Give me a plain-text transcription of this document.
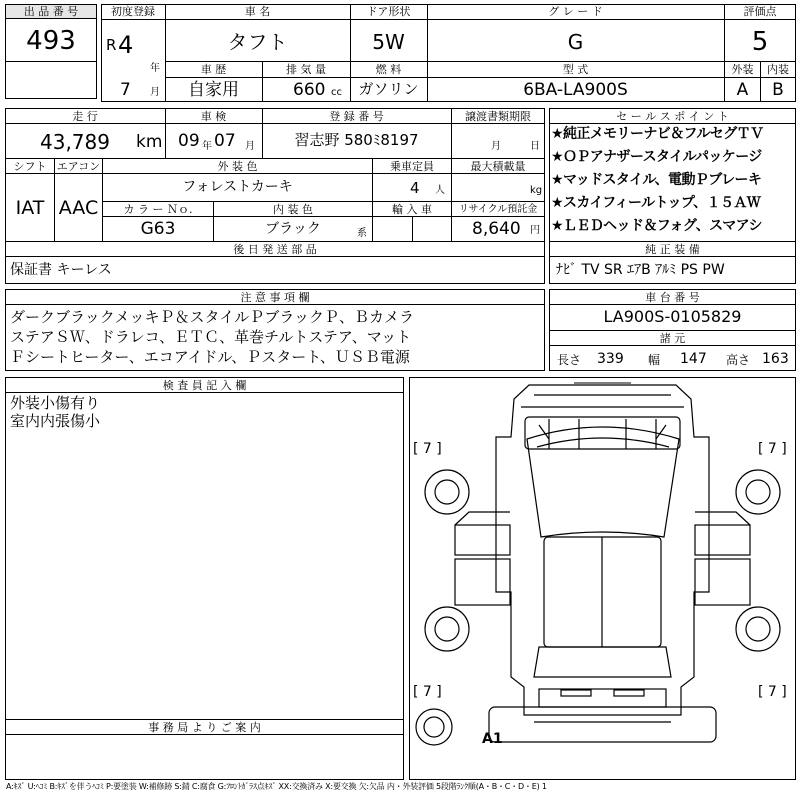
出 品 番 号
493
初度登録	車 名	ドア形状	グ レ ー ド	評価点
R 4
年
7 月
タフト	5W	G	5
車 歴	排 気 量	燃 料	型 式	外装	内装
自家用	660 cc	ガソリン	6BA-LA900S	A	B
走 行	車 検	登 録 番 号	譲渡書類期限
43,789 km 09 年 07 月	習志野 580ﾐ8197	月	日
シフト エアコン	外 装 色	乗車定員	最大積載量
IAT AAC
フォレストカーキ	4 人	kg
カ ラ ー Ｎｏ.	内 装 色	輸 入 車	リサイクル預託金
G63	ブラック	系	8,640 円
後 日 発 送 部 品
保証書 キーレス
セ ー ル ス ポ イ ン ト
★純正メモリーナビ＆フルセグＴＶ
★ＯＰアナザースタイルパッケージ
★マッドスタイル、電動Ｐブレーキ
★スカイフィールトップ、１５ＡＷ
★ＬＥＤヘッド＆フォグ、スマアシ
純 正 装 備
ﾅﾋﾞ TV SR ｴｱB ｱﾙﾐ PS PW
注 意 事 項 欄
ダークブラックメッキＰ＆スタイルＰブラックＰ、Ｂカメラ
ステアＳＷ、ドラレコ、ＥＴＣ、革巻チルトステア、マット
Ｆシートヒーター、エコアイドル、Ｐスタート、ＵＳＢ電源
車 台 番 号
LA900S-0105829
諸 元
長さ 339 幅 147 高さ 163
検 査 員 記 入 欄
外装小傷有り
室内内張傷小
事 務 局 よ り ご 案 内
[ 7 ]	[ 7 ]
[ 7 ]	[ 7 ]
A1
A:ｷｽﾞ U:ﾍｺﾐ B:ｷｽﾞを伴うﾍｺﾐ P:要塗装 W:補修跡 S:錆 C:腐食 G:ﾌﾛﾝﾄｶﾞﾗｽ点ｷｽﾞ XX:交換済み X:要交換 欠:欠品 内・外装評価 5段階ﾗﾝｸ順(A・B・C・D・E) 1
